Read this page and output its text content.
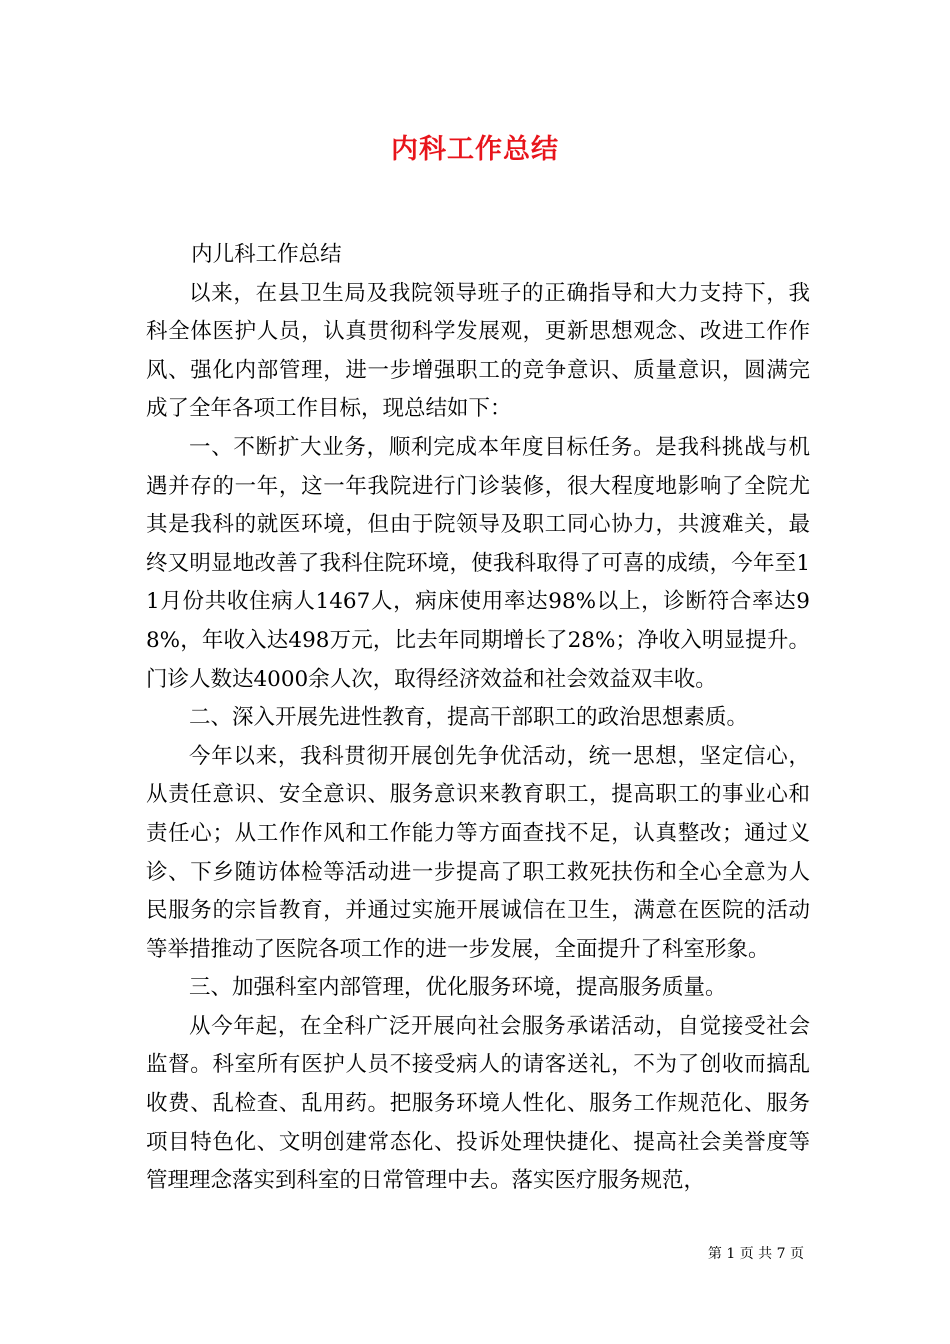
内科工作总结

内儿科工作总结

以来，在县卫生局及我院领导班子的正确指导和大力支持下，我科全体医护人员，认真贯彻科学发展观，更新思想观念、改进工作作风、强化内部管理，进一步增强职工的竞争意识、质量意识，圆满完成了全年各项工作目标，现总结如下：

一、不断扩大业务，顺利完成本年度目标任务。是我科挑战与机遇并存的一年，这一年我院进行门诊装修，很大程度地影响了全院尤其是我科的就医环境，但由于院领导及职工同心协力，共渡难关，最终又明显地改善了我科住院环境，使我科取得了可喜的成绩，今年至11月份共收住病人1467人，病床使用率达98%以上，诊断符合率达98%，年收入达498万元，比去年同期增长了28%；净收入明显提升。门诊人数达4000余人次，取得经济效益和社会效益双丰收。

二、深入开展先进性教育，提高干部职工的政治思想素质。

今年以来，我科贯彻开展创先争优活动，统一思想，坚定信心，从责任意识、安全意识、服务意识来教育职工，提高职工的事业心和责任心；从工作作风和工作能力等方面查找不足，认真整改；通过义诊、下乡随访体检等活动进一步提高了职工救死扶伤和全心全意为人民服务的宗旨教育，并通过实施开展诚信在卫生，满意在医院的活动等举措推动了医院各项工作的进一步发展，全面提升了科室形象。

三、加强科室内部管理，优化服务环境，提高服务质量。

从今年起，在全科广泛开展向社会服务承诺活动，自觉接受社会监督。科室所有医护人员不接受病人的请客送礼，不为了创收而搞乱收费、乱检查、乱用药。把服务环境人性化、服务工作规范化、服务项目特色化、文明创建常态化、投诉处理快捷化、提高社会美誉度等管理理念落实到科室的日常管理中去。落实医疗服务规范，

第 1 页 共 7 页
